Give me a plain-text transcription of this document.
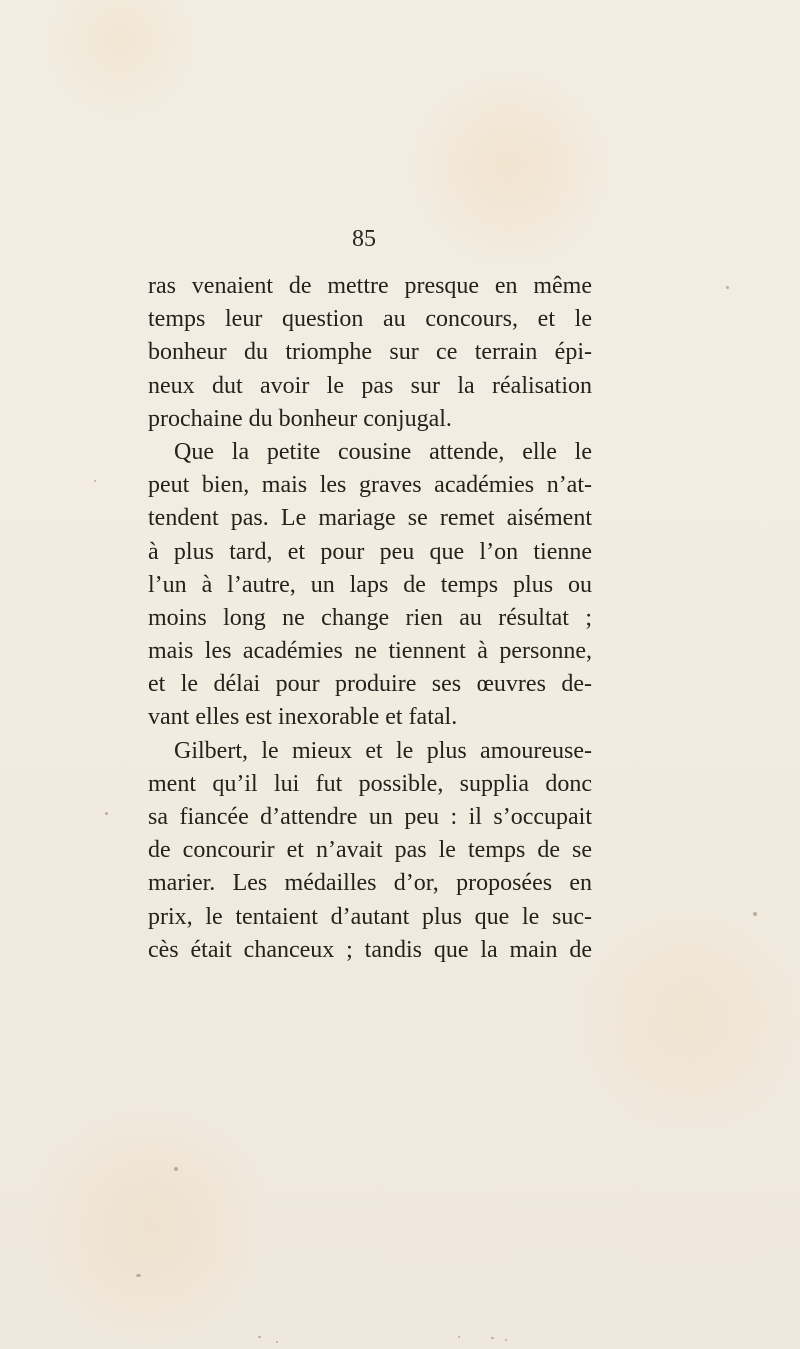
85
ras venaient de mettre presque en même
temps leur question au concours, et le
bonheur du triomphe sur ce terrain épi-
neux dut avoir le pas sur la réalisation
prochaine du bonheur conjugal.
Que la petite cousine attende, elle le
peut bien, mais les graves académies n’at-
tendent pas. Le mariage se remet aisément
à plus tard, et pour peu que l’on tienne
l’un à l’autre, un laps de temps plus ou
moins long ne change rien au résultat ;
mais les académies ne tiennent à personne,
et le délai pour produire ses œuvres de-
vant elles est inexorable et fatal.
Gilbert, le mieux et le plus amoureuse-
ment qu’il lui fut possible, supplia donc
sa fiancée d’attendre un peu : il s’occupait
de concourir et n’avait pas le temps de se
marier. Les médailles d’or, proposées en
prix, le tentaient d’autant plus que le suc-
cès était chanceux ; tandis que la main de
